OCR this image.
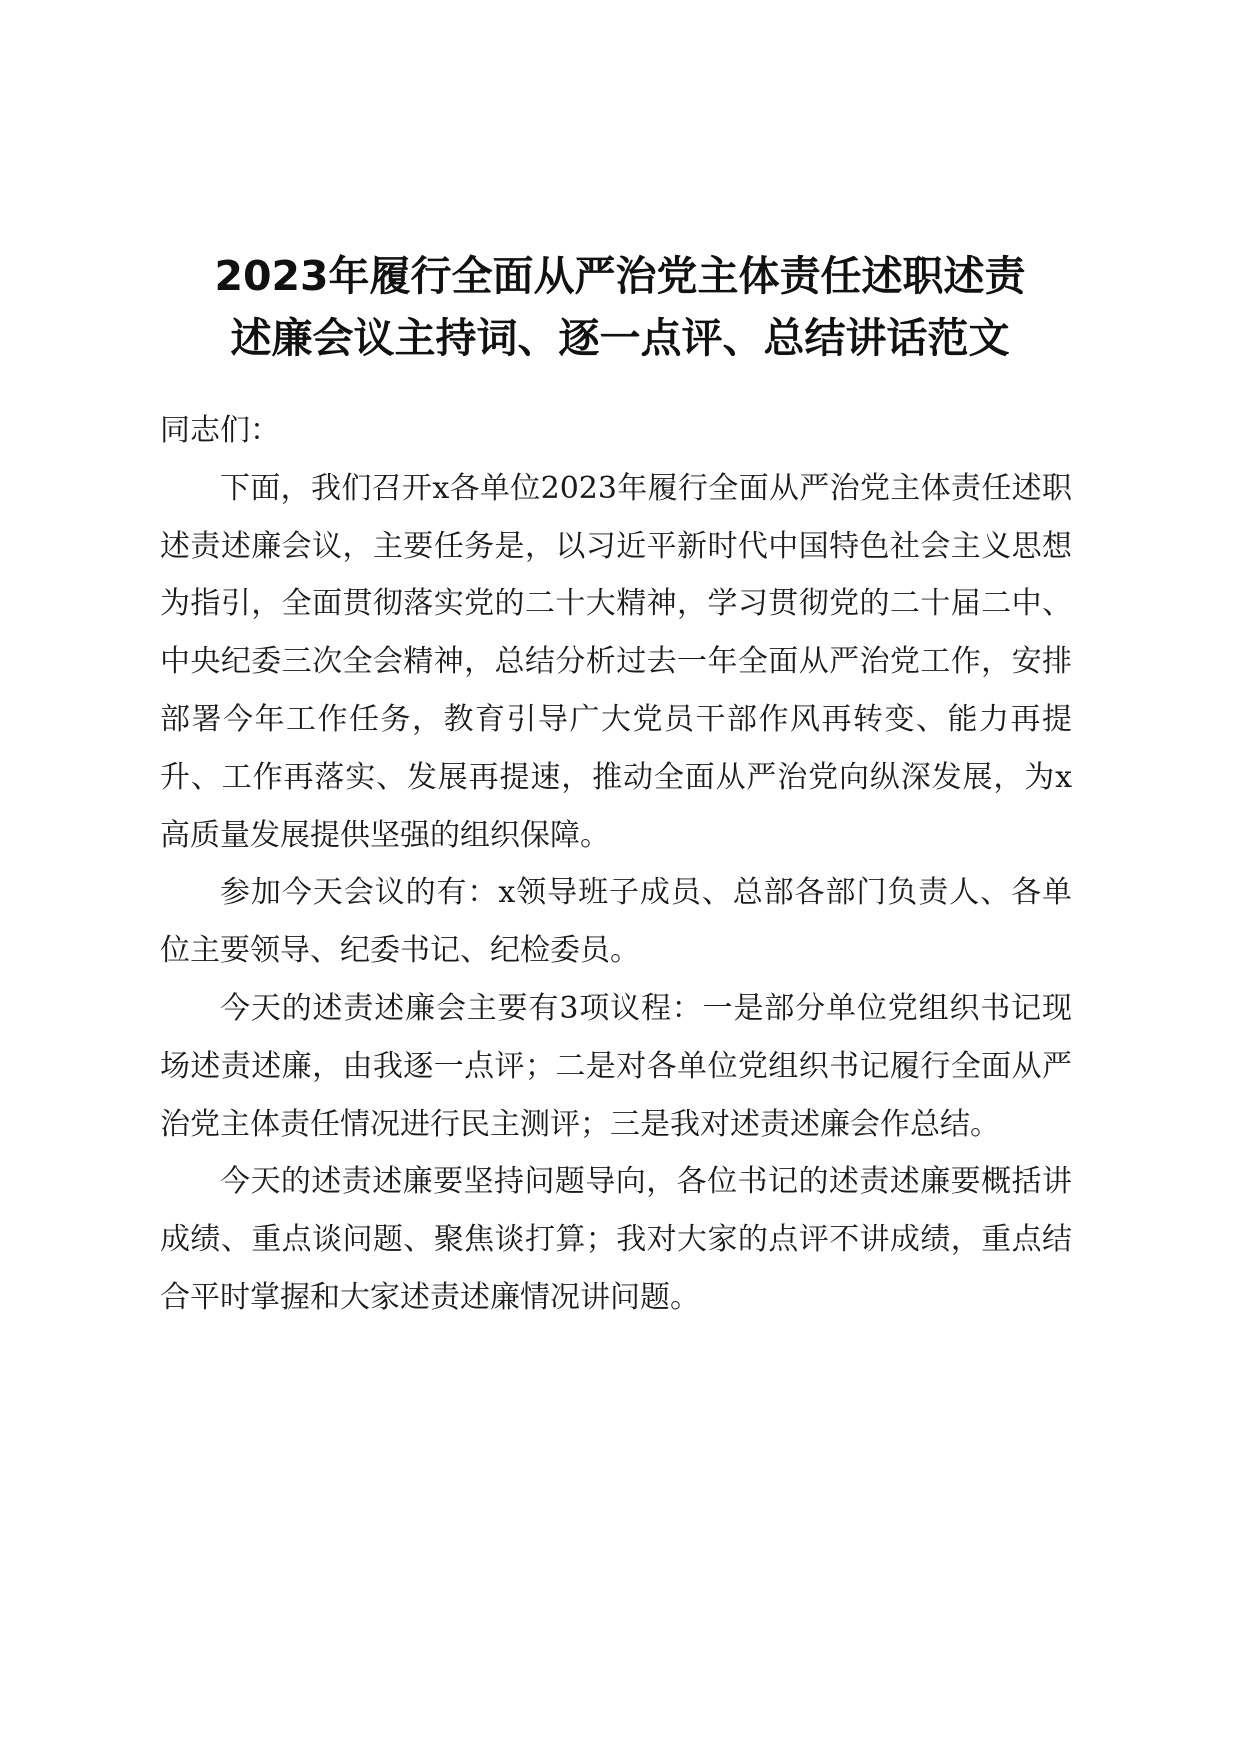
2023年履行全面从严治党主体责任述职述责
述廉会议主持词、逐一点评、总结讲话范文

同志们：

下面，我们召开x各单位2023年履行全面从严治党主体责任述职述责述廉会议，主要任务是，以习近平新时代中国特色社会主义思想为指引，全面贯彻落实党的二十大精神，学习贯彻党的二十届二中、中央纪委三次全会精神，总结分析过去一年全面从严治党工作，安排部署今年工作任务，教育引导广大党员干部作风再转变、能力再提升、工作再落实、发展再提速，推动全面从严治党向纵深发展，为x高质量发展提供坚强的组织保障。

参加今天会议的有：x领导班子成员、总部各部门负责人、各单位主要领导、纪委书记、纪检委员。

今天的述责述廉会主要有3项议程：一是部分单位党组织书记现场述责述廉，由我逐一点评；二是对各单位党组织书记履行全面从严治党主体责任情况进行民主测评；三是我对述责述廉会作总结。

今天的述责述廉要坚持问题导向，各位书记的述责述廉要概括讲成绩、重点谈问题、聚焦谈打算；我对大家的点评不讲成绩，重点结合平时掌握和大家述责述廉情况讲问题。
